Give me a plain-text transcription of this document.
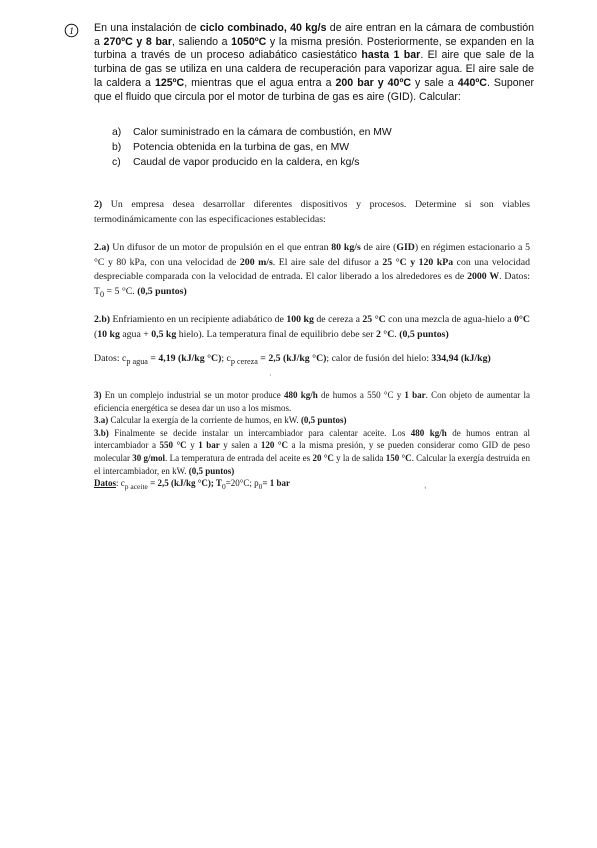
1 En una instalación de ciclo combinado, 40 kg/s de aire entran en la cámara de combustión a 270ºC y 8 bar, saliendo a 1050ºC y la misma presión. Posteriormente, se expanden en la turbina a través de un proceso adiabático casiestático hasta 1 bar. El aire que sale de la turbina de gas se utiliza en una caldera de recuperación para vaporizar agua. El aire sale de la caldera a 125ºC, mientras que el agua entra a 200 bar y 40ºC y sale a 440ºC. Suponer que el fluido que circula por el motor de turbina de gas es aire (GID). Calcular:
a) Calor suministrado en la cámara de combustión, en MW
b) Potencia obtenida en la turbina de gas, en MW
c) Caudal de vapor producido en la caldera, en kg/s
2) Un empresa desea desarrollar diferentes dispositivos y procesos. Determine si son viables termodinámicamente con las especificaciones establecidas:
2.a) Un difusor de un motor de propulsión en el que entran 80 kg/s de aire (GID) en régimen estacionario a 5 °C y 80 kPa, con una velocidad de 200 m/s. El aire sale del difusor a 25 °C y 120 kPa con una velocidad despreciable comparada con la velocidad de entrada. El calor liberado a los alrededores es de 2000 W. Datos: $T_0 = 5$ °C. (0,5 puntos)
2.b) Enfriamiento en un recipiente adiabático de 100 kg de cereza a 25 °C con una mezcla de agua-hielo a 0°C (10 kg agua + 0,5 kg hielo). La temperatura final de equilibrio debe ser 2 °C. (0,5 puntos)
Datos: $c_{p agua} = 4,19$ (kJ/kg °C); $c_{p cereza} = 2,5$ (kJ/kg °C); calor de fusión del hielo: 334,94 (kJ/kg)
·
3) En un complejo industrial se un motor produce 480 kg/h de humos a 550 °C y 1 bar. Con objeto de aumentar la eficiencia energética se desea dar un uso a los mismos.
3.a) Calcular la exergía de la corriente de humos, en kW. (0,5 puntos)
3.b) Finalmente se decide instalar un intercambiador para calentar aceite. Los 480 kg/h de humos entran al intercambiador a 550 °C y 1 bar y salen a 120 °C a la misma presión, y se pueden considerar como GID de peso molecular 30 g/mol. La temperatura de entrada del aceite es 20 °C y la de salida 150 °C. Calcular la exergía destruida en el intercambiador, en kW. (0,5 puntos)
Datos: $c_{p aceite} = 2,5$ (kJ/kg °C); $T_0=20^\circ C$; $p_0= 1$ bar
‘
